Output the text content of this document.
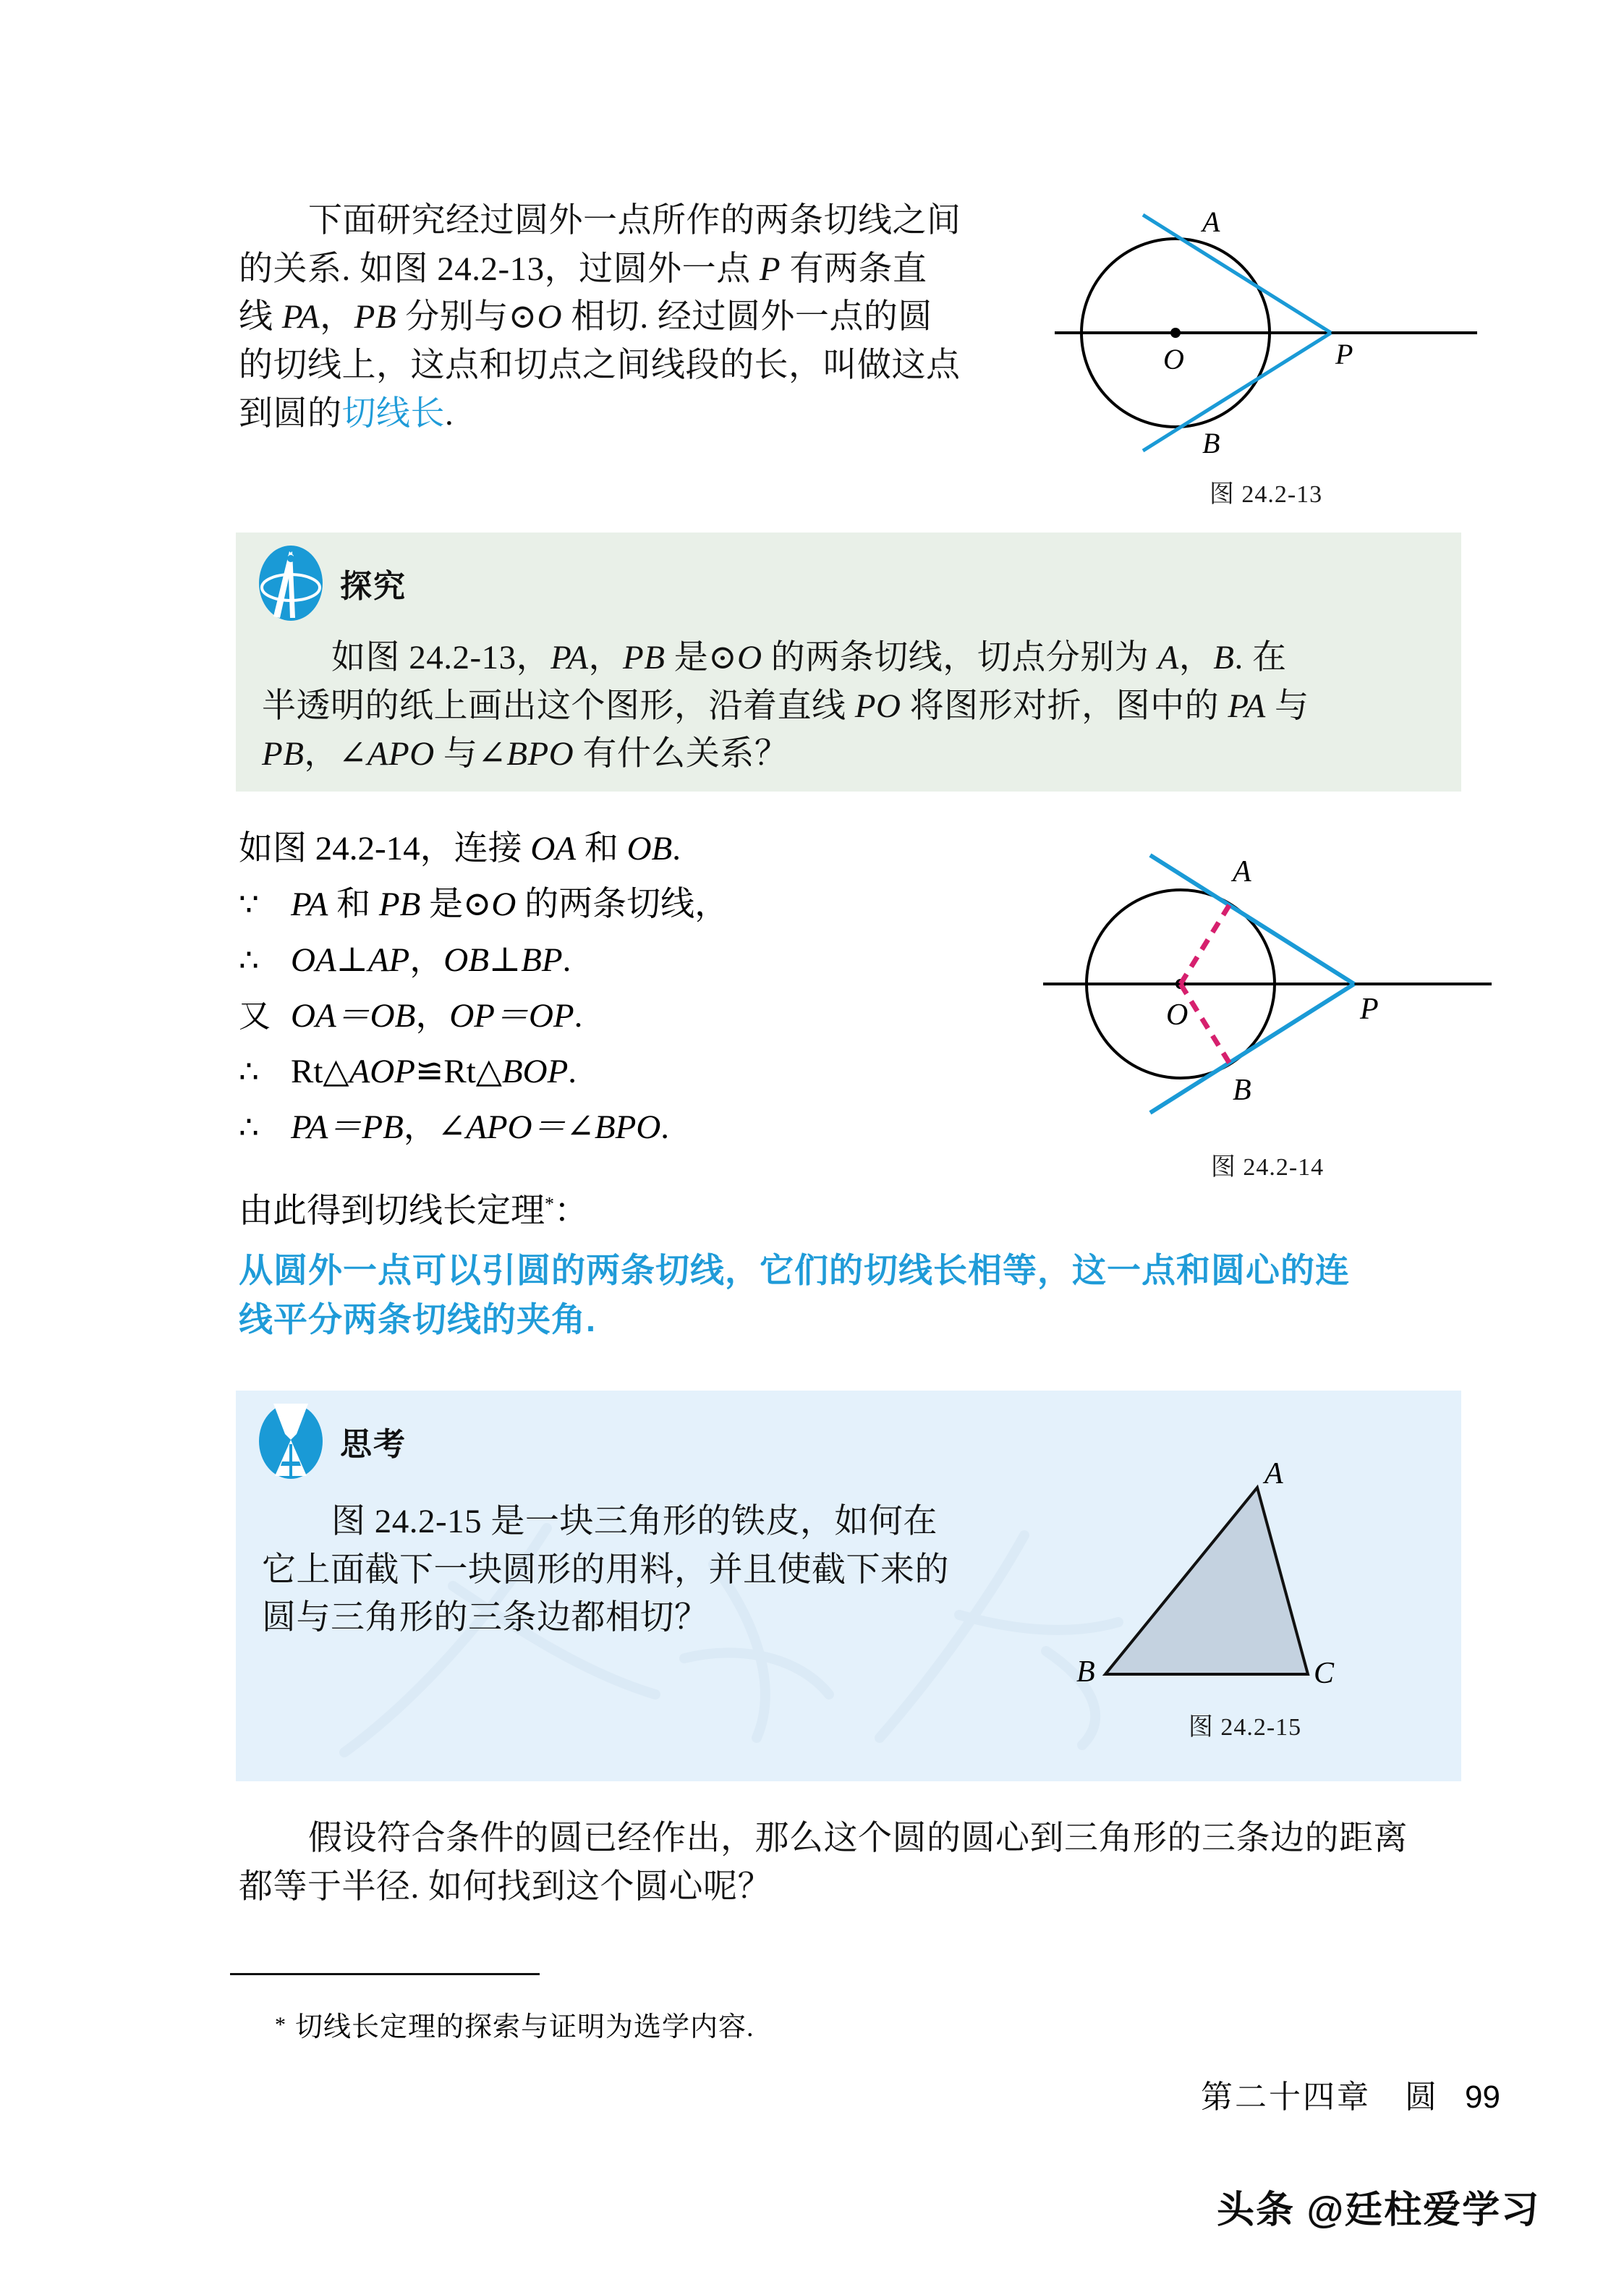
下面研究经过圆外一点所作的两条切线之间
的关系. 如图 24.2-13，过圆外一点 P 有两条直
线 PA，PB 分别与⊙O 相切. 经过圆外一点的圆
的切线上，这点和切点之间线段的长，叫做这点
到圆的切线长.
A
O
B
P
图 24.2-13
探究
如图 24.2-13，PA，PB 是⊙O 的两条切线，切点分别为 A，B. 在
半透明的纸上画出这个图形，沿着直线 PO 将图形对折，图中的 PA 与
PB，∠APO 与∠BPO 有什么关系？
如图 24.2-14，连接 OA 和 OB.
∵ PA 和 PB 是⊙O 的两条切线，
∴ OA⊥AP，OB⊥BP.
又 OA＝OB，OP＝OP.
∴ Rt△AOP≌Rt△BOP.
∴ PA＝PB，∠APO＝∠BPO.
A
O
B
P
图 24.2-14
由此得到切线长定理*：
从圆外一点可以引圆的两条切线，它们的切线长相等，这一点和圆心的连
线平分两条切线的夹角.
思考
图 24.2-15 是一块三角形的铁皮，如何在
它上面截下一块圆形的用料，并且使截下来的
圆与三角形的三条边都相切？
A
B	C
图 24.2-15
假设符合条件的圆已经作出，那么这个圆的圆心到三角形的三条边的距离
都等于半径. 如何找到这个圆心呢？
* 切线长定理的探索与证明为选学内容.
第二十四章　圆 99
头条 @廷柱爱学习
